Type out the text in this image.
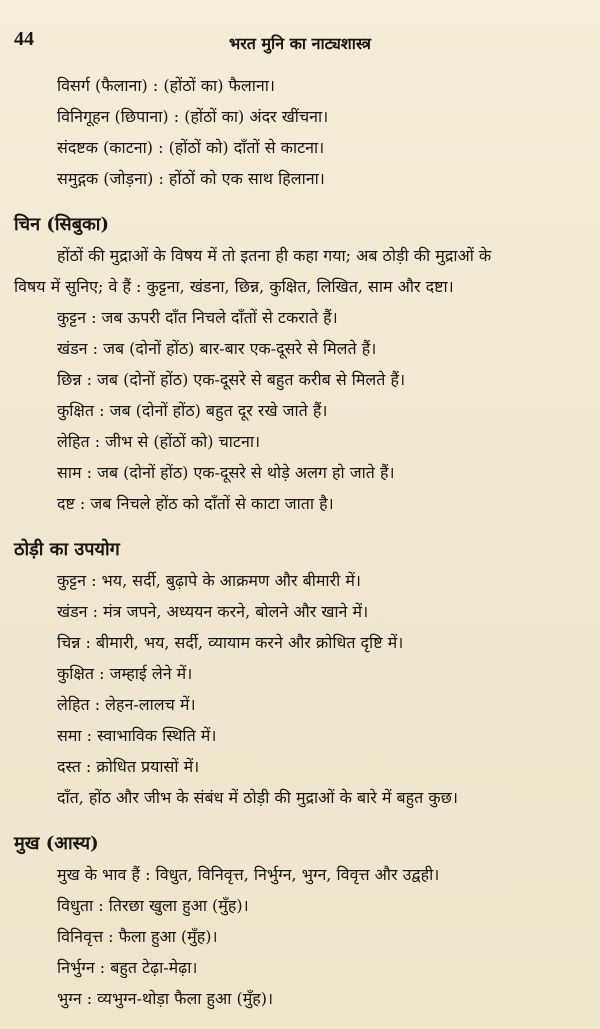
44	भरत मुनि का नाट्यशास्त्र
विसर्ग (फैलाना) : (होंठों का) फैलाना।
विनिगूहन (छिपाना) : (होंठों का) अंदर खींचना।
संदष्टक (काटना) : (होंठों को) दाँतों से काटना।
समुद्गक (जोड़ना) : होंठों को एक साथ हिलाना।
चिन (सिबुका)
होंठों की मुद्राओं के विषय में तो इतना ही कहा गया; अब ठोड़ी की मुद्राओं के
विषय में सुनिए; वे हैं : कुट्टना, खंडना, छिन्न, कुक्षित, लिखित, साम और दष्टा।
कुट्टन : जब ऊपरी दाँत निचले दाँतों से टकराते हैं।
खंडन : जब (दोनों होंठ) बार-बार एक-दूसरे से मिलते हैं।
छिन्न : जब (दोनों होंठ) एक-दूसरे से बहुत करीब से मिलते हैं।
कुक्षित : जब (दोनों होंठ) बहुत दूर रखे जाते हैं।
लेहित : जीभ से (होंठों को) चाटना।
साम : जब (दोनों होंठ) एक-दूसरे से थोड़े अलग हो जाते हैं।
दष्ट : जब निचले होंठ को दाँतों से काटा जाता है।
ठोड़ी का उपयोग
कुट्टन : भय, सर्दी, बुढ़ापे के आक्रमण और बीमारी में।
खंडन : मंत्र जपने, अध्ययन करने, बोलने और खाने में।
चिन्न : बीमारी, भय, सर्दी, व्यायाम करने और क्रोधित दृष्टि में।
कुक्षित : जम्हाई लेने में।
लेहित : लेहन-लालच में।
समा : स्वाभाविक स्थिति में।
दस्त : क्रोधित प्रयासों में।
दाँत, होंठ और जीभ के संबंध में ठोड़ी की मुद्राओं के बारे में बहुत कुछ।
मुख (आस्य)
मुख के भाव हैं : विधुत, विनिवृत्त, निर्भुग्न, भुग्न, विवृत्त और उद्वही।
विधुता : तिरछा खुला हुआ (मुँह)।
विनिवृत्त : फैला हुआ (मुँह)।
निर्भुग्न : बहुत टेढ़ा-मेढ़ा।
भुग्न : व्यभुग्न-थोड़ा फैला हुआ (मुँह)।
